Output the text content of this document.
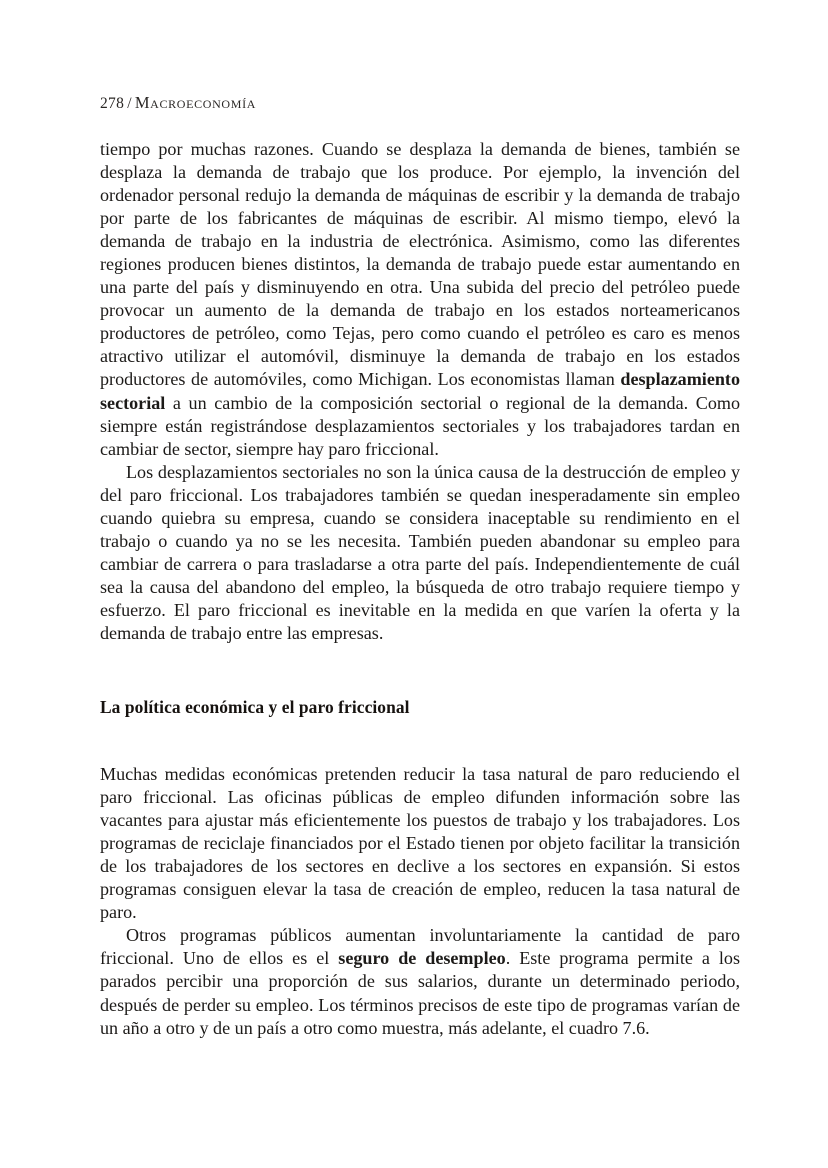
278 / Macroeconomía

tiempo por muchas razones. Cuando se desplaza la demanda de bienes, también se desplaza la demanda de trabajo que los produce. Por ejemplo, la invención del ordenador personal redujo la demanda de máquinas de escribir y la demanda de trabajo por parte de los fabricantes de máquinas de escribir. Al mismo tiempo, elevó la demanda de trabajo en la industria de electrónica. Asimismo, como las diferentes regiones producen bienes distintos, la demanda de trabajo puede estar aumentando en una parte del país y disminuyendo en otra. Una subida del precio del petróleo puede provocar un aumento de la demanda de trabajo en los estados norteamericanos productores de petróleo, como Tejas, pero como cuando el petróleo es caro es menos atractivo utilizar el automóvil, disminuye la demanda de trabajo en los estados productores de automóviles, como Michigan. Los economistas llaman desplazamiento sectorial a un cambio de la composición sectorial o regional de la demanda. Como siempre están registrándose desplazamientos sectoriales y los trabajadores tardan en cambiar de sector, siempre hay paro friccional.

Los desplazamientos sectoriales no son la única causa de la destrucción de empleo y del paro friccional. Los trabajadores también se quedan inesperadamente sin empleo cuando quiebra su empresa, cuando se considera inaceptable su rendimiento en el trabajo o cuando ya no se les necesita. También pueden abandonar su empleo para cambiar de carrera o para trasladarse a otra parte del país. Independientemente de cuál sea la causa del abandono del empleo, la búsqueda de otro trabajo requiere tiempo y esfuerzo. El paro friccional es inevitable en la medida en que varíen la oferta y la demanda de trabajo entre las empresas.

La política económica y el paro friccional

Muchas medidas económicas pretenden reducir la tasa natural de paro reduciendo el paro friccional. Las oficinas públicas de empleo difunden información sobre las vacantes para ajustar más eficientemente los puestos de trabajo y los trabajadores. Los programas de reciclaje financiados por el Estado tienen por objeto facilitar la transición de los trabajadores de los sectores en declive a los sectores en expansión. Si estos programas consiguen elevar la tasa de creación de empleo, reducen la tasa natural de paro.

Otros programas públicos aumentan involuntariamente la cantidad de paro friccional. Uno de ellos es el seguro de desempleo. Este programa permite a los parados percibir una proporción de sus salarios, durante un determinado periodo, después de perder su empleo. Los términos precisos de este tipo de programas varían de un año a otro y de un país a otro como muestra, más adelante, el cuadro 7.6.
